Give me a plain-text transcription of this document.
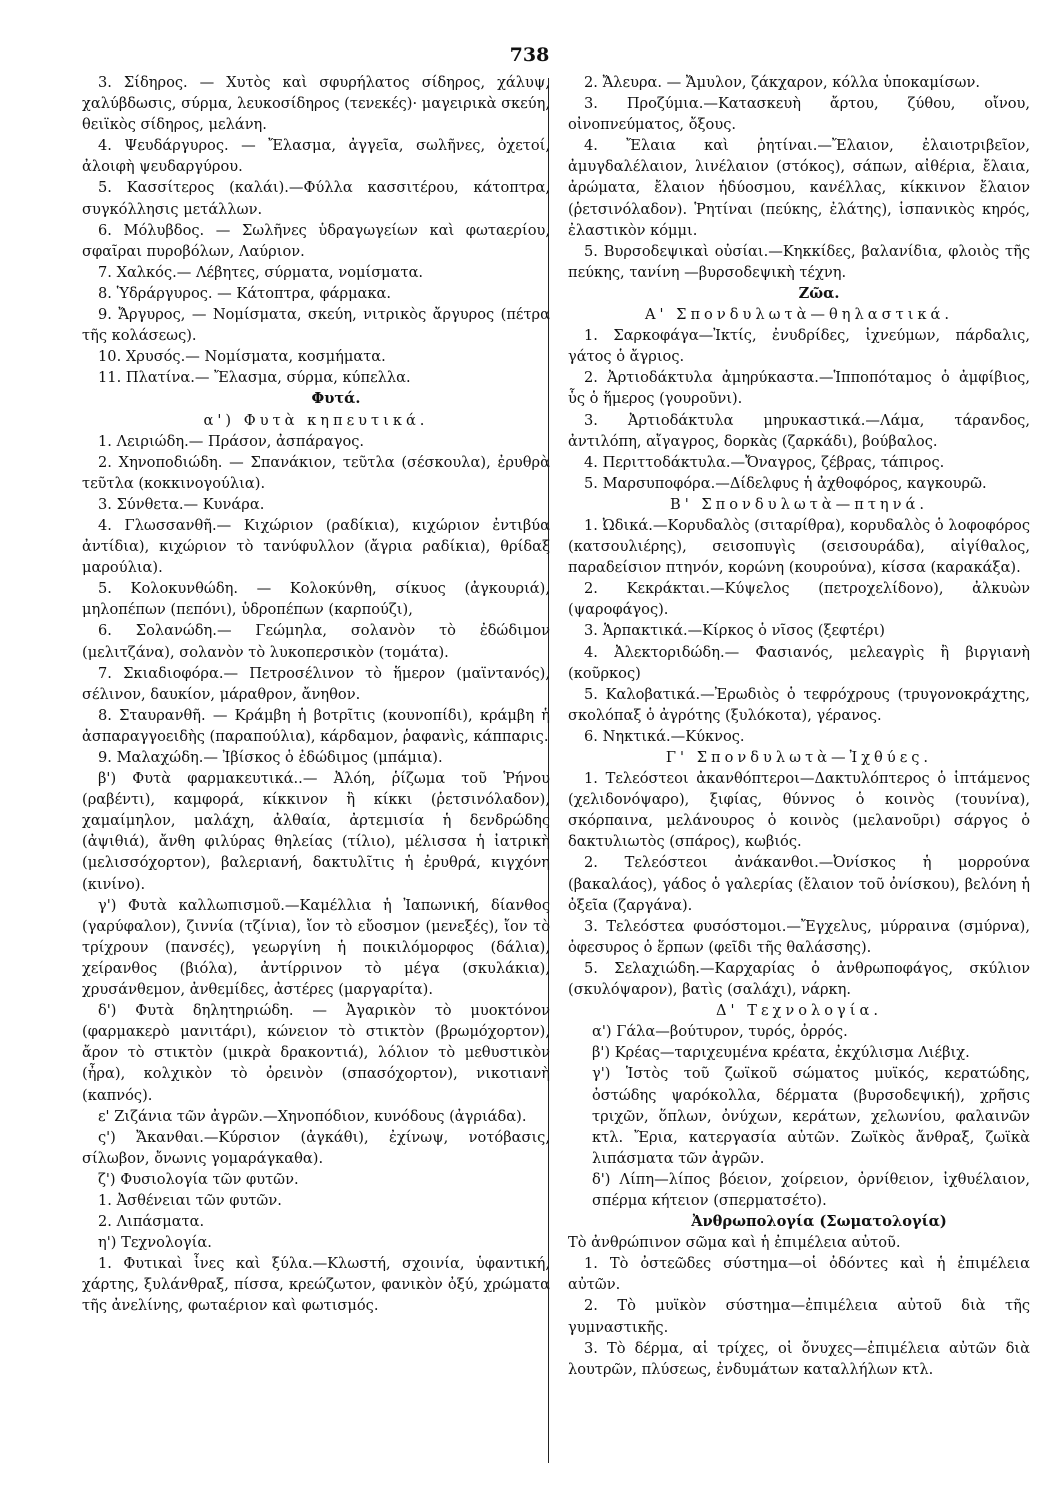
738

3. Σίδηρος. — Χυτὸς καὶ σφυρήλατος σίδηρος, χάλυψ, χαλύβδωσις, σύρμα, λευκοσίδηρος (τενεκές)· μαγειρικὰ σκεύη, θειϊκὸς σίδηρος, μελάνη.

4. Ψευδάργυρος. — Ἔλασμα, ἀγγεῖα, σωλῆνες, ὀχετοί, ἀλοιφὴ ψευδαργύρου.

5. Κασσίτερος (καλάι).—Φύλλα κασσιτέρου, κάτοπτρα, συγκόλλησις μετάλλων.

6. Μόλυβδος. — Σωλῆνες ὑδραγωγείων καὶ φωταερίου, σφαῖραι πυροβόλων, Λαύριον.

7. Χαλκός.— Λέβητες, σύρματα, νομίσματα.

8. Ὑδράργυρος. — Κάτοπτρα, φάρμακα.

9. Ἄργυρος, — Νομίσματα, σκεύη, νιτρικὸς ἄργυρος (πέτρα τῆς κολάσεως).

10. Χρυσός.— Νομίσματα, κοσμήματα.

11. Πλατίνα.— Ἔλασμα, σύρμα, κύπελλα.

Φυτά.

α') Φυτὰ κηπευτικά.

1. Λειριώδη.— Πράσον, ἀσπάραγος.

2. Χηνοποδιώδη. — Σπανάκιον, τεῦτλα (σέσκουλα), ἐρυθρὰ τεῦτλα (κοκκινογούλια).

3. Σύνθετα.— Κυνάρα.

4. Γλωσσανθῆ.— Κιχώριον (ραδίκια), κιχώριον ἐντιβύα ἀντίδια), κιχώριον τὸ τανύφυλλον (ἄγρια ραδίκια), θρίδαξ μαρούλια).

5. Κολοκυνθώδη. — Κολοκύνθη, σίκυος (ἀγκουριά), μηλοπέπων (πεπόνι), ὑδροπέπων (καρπούζι),

6. Σολανώδη.— Γεώμηλα, σολανὸν τὸ ἐδώδιμον (μελιτζάνα), σολανὸν τὸ λυκοπερσικὸν (τομάτα).

7. Σκιαδιοφόρα.— Πετροσέλινον τὸ ἥμερον (μαϊντανός), σέλινον, δαυκίον, μάραθρον, ἄνηθον.

8. Σταυρανθῆ. — Κράμβη ἡ βοτρῖτις (κουνοπίδι), κράμβη ἡ ἀσπαραγγοειδὴς (παραπούλια), κάρδαμον, ῥαφανὶς, κάππαρις.

9. Μαλαχώδη.— Ἰβίσκος ὁ ἐδώδιμος (μπάμια).

β') Φυτὰ φαρμακευτικά..— Ἀλόη, ῥίζωμα τοῦ Ῥήνου (ραβέντι), καμφορά, κίκκινον ἢ κίκκι (ῥετσινόλαδον), χαμαίμηλον, μαλάχη, ἀλθαία, ἀρτεμισία ἡ δενδρώδης (ἀψιθιά), ἄνθη φιλύρας θηλείας (τίλιο), μέλισσα ἡ ἰατρικὴ (μελισσόχορτον), βαλεριανή, δακτυλῖτις ἡ ἐρυθρά, κιγχόνη (κινίνο).

γ') Φυτὰ καλλωπισμοῦ.—Καμέλλια ἡ Ἰαπωνική, δίανθος (γαρύφαλον), ζιννία (τζίνια), ἴον τὸ εὔοσμον (μενεξές), ἴον τὸ τρίχρουν (πανσές), γεωργίνη ἡ ποικιλόμορφος (δάλια), χείρανθος (βιόλα), ἀντίρρινον τὸ μέγα (σκυλάκια), χρυσάνθεμον, ἀνθεμίδες, ἀστέρες (μαργαρίτα).

δ') Φυτὰ δηλητηριώδη. — Ἀγαρικὸν τὸ μυοκτόνον (φαρμακερὸ μανιτάρι), κώνειον τὸ στικτὸν (βρωμόχορτον), ἄρον τὸ στικτὸν (μικρὰ δρακοντιά), λόλιον τὸ μεθυστικὸν (ἦρα), κολχικὸν τὸ ὀρεινὸν (σπασόχορτον), νικοτιανὴ (καπνός).

ε' Ζιζάνια τῶν ἀγρῶν.—Χηνοπόδιον, κυνόδους (ἀγριάδα).

ς') Ἄκανθαι.—Κύρσιον (ἀγκάθι), ἐχίνωψ, νοτόβασις, σίλωβον, ὄνωνις γομαράγκαθα).

ζ') Φυσιολογία τῶν φυτῶν.

1. Ἀσθένειαι τῶν φυτῶν.

2. Λιπάσματα.

η') Τεχνολογία.

1. Φυτικαὶ ἶνες καὶ ξύλα.—Κλωστή, σχοινία, ὑφαντική, χάρτης, ξυλάνθραξ, πίσσα, κρεώζωτον, φανικὸν ὀξύ, χρώματα τῆς ἀνελίνης, φωταέριον καὶ φωτισμός.

2. Ἄλευρα. — Ἄμυλον, ζάκχαρον, κόλλα ὑποκαμίσων.

3. Προζύμια.—Κατασκευὴ ἄρτου, ζύθου, οἴνου, οἰνοπνεύματος, ὄξους.

4. Ἔλαια καὶ ῥητίναι.—Ἔλαιον, ἐλαιοτριβεῖον, ἀμυγδαλέλαιον, λινέλαιον (στόκος), σάπων, αἰθέρια, ἔλαια, ἀρώματα, ἔλαιον ἡδύοσμου, κανέλλας, κίκκινον ἔλαιον (ῥετσινόλαδον). Ῥητίναι (πεύκης, ἐλάτης), ἱσπανικὸς κηρός, ἐλαστικὸν κόμμι.

5. Βυρσοδεψικαὶ οὐσίαι.—Κηκκίδες, βαλανίδια, φλοιὸς τῆς πεύκης, τανίνη —βυρσοδεψικὴ τέχνη.

Ζῶα.

Α' Σπονδυλωτὰ—θηλαστικά.

1. Σαρκοφάγα—Ἰκτίς, ἐνυδρίδες, ἰχνεύμων, πάρδαλις, γάτος ὁ ἄγριος.

2. Ἀρτιοδάκτυλα ἀμηρύκαστα.—Ἱπποπόταμος ὁ ἀμφίβιος, ὗς ὁ ἥμερος (γουροῦνι).

3. Ἀρτιοδάκτυλα μηρυκαστικά.—Λάμα, τάρανδος, ἀντιλόπη, αἴγαγρος, δορκὰς (ζαρκάδι), βούβαλος.

4. Περιττοδάκτυλα.—Ὄναγρος, ζέβρας, τάπιρος.

5. Μαρσυποφόρα.—Δίδελφυς ἡ ἀχθοφόρος, καγκουρῶ.

Β' Σπονδυλωτὰ—πτηνά.

1. Ὠδικά.—Κορυδαλὸς (σιταρίθρα), κορυδαλὸς ὁ λοφοφόρος (κατσουλιέρης), σεισοπυγὶς (σεισουράδα), αἰγίθαλος, παραδείσιον πτηνόν, κορώνη (κουρούνα), κίσσα (καρακάξα).

2. Κεκράκται.—Κύψελος (πετροχελίδονο), ἀλκυὼν (ψαροφάγος).

3. Ἁρπακτικά.—Κίρκος ὁ νῖσος (ξεφτέρι)

4. Ἀλεκτοριδώδη.— Φασιανός, μελεαγρὶς ἢ βιργιανὴ (κοῦρκος)

5. Καλοβατικά.—Ἐρωδιὸς ὁ τεφρόχρους (τρυγονοκράχτης, σκολόπαξ ὁ ἀγρότης (ξυλόκοτα), γέρανος.

6. Νηκτικά.—Κύκνος.

Γ' Σπονδυλωτὰ—Ἰχθύες.

1. Τελεόστεοι ἀκανθόπτεροι—Δακτυλόπτερος ὁ ἱπτάμενος (χελιδονόψαρο), ξιφίας, θύννος ὁ κοινὸς (τουνίνα), σκόρπαινα, μελάνουρος ὁ κοινὸς (μελανοῦρι) σάργος ὁ δακτυλιωτὸς (σπάρος), κωβιός.

2. Τελεόστεοι ἀνάκανθοι.—Ὀνίσκος ἡ μορρούνα (βακαλάος), γάδος ὁ γαλερίας (ἔλαιον τοῦ ὀνίσκου), βελόνη ἡ ὀξεῖα (ζαργάνα).

3. Τελεόστεα φυσόστομοι.—Ἔγχελυς, μύρραινα (σμύρνα), ὀφεσυρος ὁ ἕρπων (φεῖδι τῆς θαλάσσης).

5. Σελαχιώδη.—Καρχαρίας ὁ ἀνθρωποφάγος, σκύλιον (σκυλόψαρον), βατὶς (σαλάχι), νάρκη.

Δ' Τεχνολογία.

α') Γάλα—βούτυρον, τυρός, ὀρρός.

β') Κρέας—ταριχευμένα κρέατα, ἐκχύλισμα Λιέβιχ.

γ') Ἱστὸς τοῦ ζωϊκοῦ σώματος μυϊκός, κερατώδης, ὀστώδης ψαρόκολλα, δέρματα (βυρσοδεψική), χρῆσις τριχῶν, ὅπλων, ὀνύχων, κεράτων, χελωνίου, φαλαινῶν κτλ. Ἔρια, κατεργασία αὐτῶν. Ζωϊκὸς ἄνθραξ, ζωϊκὰ λιπάσματα τῶν ἀγρῶν.

δ') Λίπη—λίπος βόειον, χοίρειον, ὀρνίθειον, ἰχθυέλαιον, σπέρμα κήτειον (σπερματσέτο).

Ἀνθρωπολογία (Σωματολογία)

Τὸ ἀνθρώπινον σῶμα καὶ ἡ ἐπιμέλεια αὐτοῦ.

1. Τὸ ὀστεῶδες σύστημα—οἱ ὀδόντες καὶ ἡ ἐπιμέλεια αὐτῶν.

2. Τὸ μυϊκὸν σύστημα—ἐπιμέλεια αὐτοῦ διὰ τῆς γυμναστικῆς.

3. Τὸ δέρμα, αἱ τρίχες, οἱ ὄνυχες—ἐπιμέλεια αὐτῶν διὰ λουτρῶν, πλύσεως, ἐνδυμάτων καταλλήλων κτλ.
